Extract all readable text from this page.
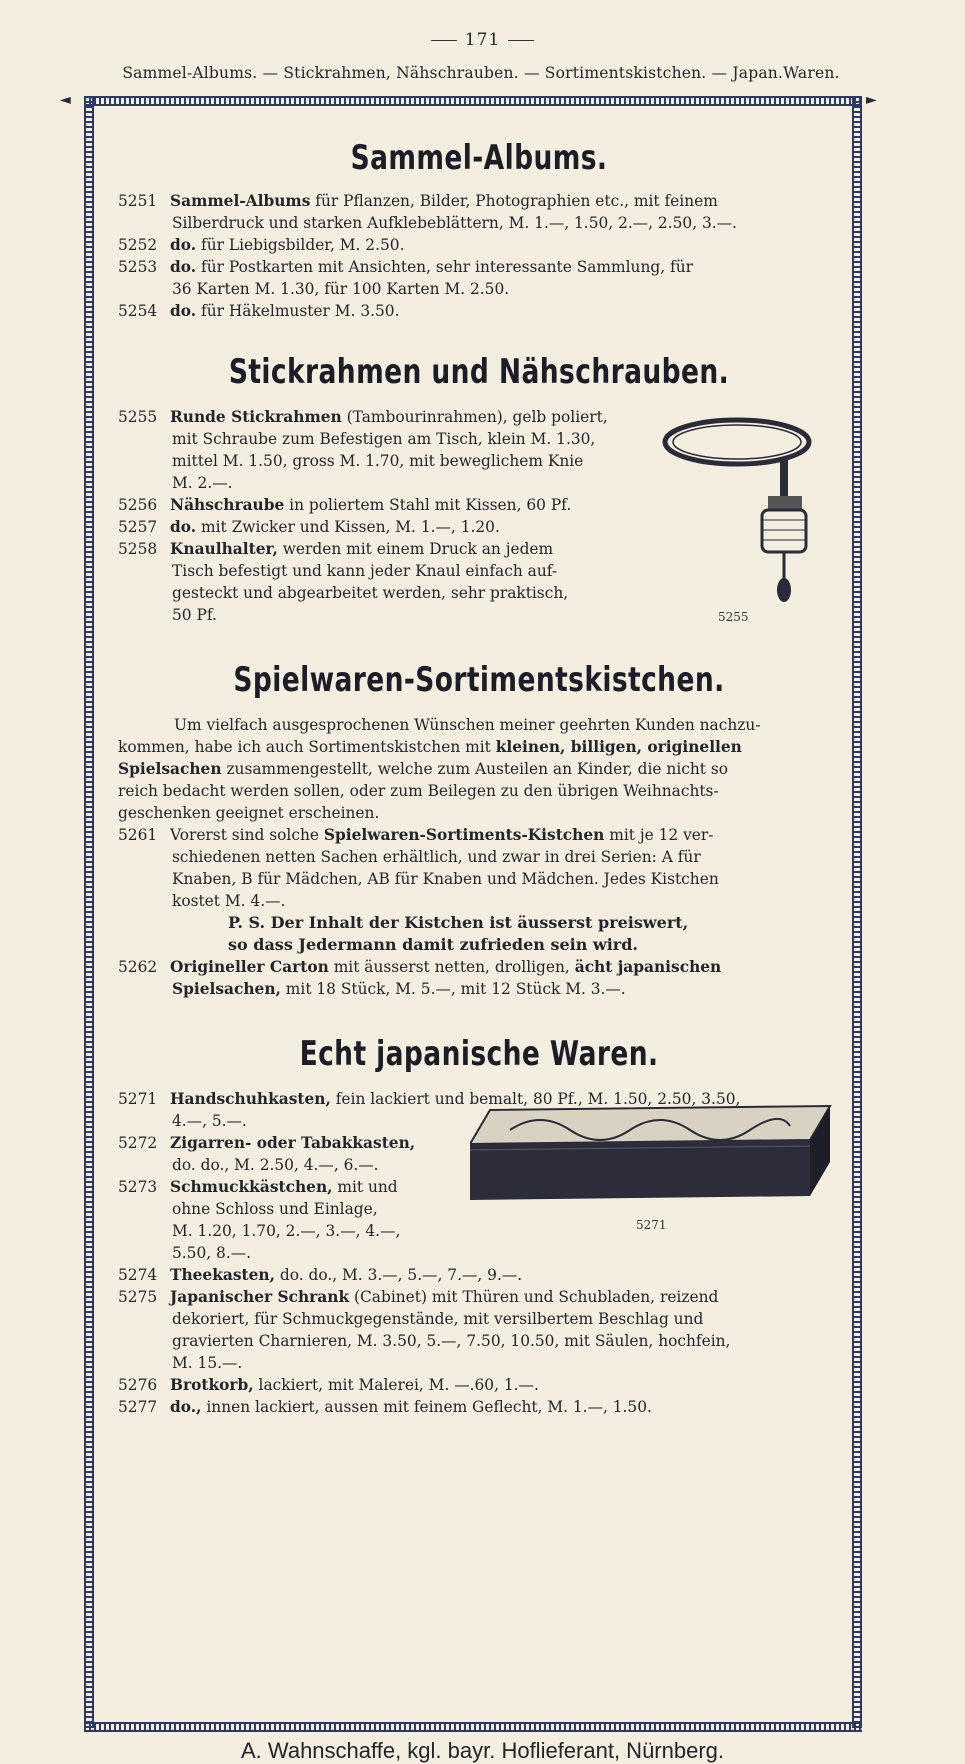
171
Sammel-Albums. — Stickrahmen, Nähschrauben. — Sortimentskistchen. — Japan.Waren.
◄	►
Sammel-Albums.
5251 Sammel-Albums für Pflanzen, Bilder, Photographien etc., mit feinem
Silberdruck und starken Aufklebeblättern, M. 1.—, 1.50, 2.—, 2.50, 3.—.
5252 do. für Liebigsbilder, M. 2.50.
5253 do. für Postkarten mit Ansichten, sehr interessante Sammlung, für
36 Karten M. 1.30, für 100 Karten M. 2.50.
5254 do. für Häkelmuster M. 3.50.
Stickrahmen und Nähschrauben.
5255 Runde Stickrahmen (Tambourinrahmen), gelb poliert,
mit Schraube zum Befestigen am Tisch, klein M. 1.30,
mittel M. 1.50, gross M. 1.70, mit beweglichem Knie
M. 2.—.
5256 Nähschraube in poliertem Stahl mit Kissen, 60 Pf.
5257 do. mit Zwicker und Kissen, M. 1.—, 1.20.
5258 Knaulhalter, werden mit einem Druck an jedem
Tisch befestigt und kann jeder Knaul einfach auf-
gesteckt und abgearbeitet werden, sehr praktisch,
50 Pf.
Spielwaren-Sortimentskistchen.
Um vielfach ausgesprochenen Wünschen meiner geehrten Kunden nachzu-
kommen, habe ich auch Sortimentskistchen mit kleinen, billigen, originellen
Spielsachen zusammengestellt, welche zum Austeilen an Kinder, die nicht so
reich bedacht werden sollen, oder zum Beilegen zu den übrigen Weihnachts-
geschenken geeignet erscheinen.
5261 Vorerst sind solche Spielwaren-Sortiments-Kistchen mit je 12 ver-
schiedenen netten Sachen erhältlich, und zwar in drei Serien: A für
Knaben, B für Mädchen, AB für Knaben und Mädchen. Jedes Kistchen
kostet M. 4.—.
P. S. Der Inhalt der Kistchen ist äusserst preiswert,
so dass Jedermann damit zufrieden sein wird.
5262 Origineller Carton mit äusserst netten, drolligen, ächt japanischen
Spielsachen, mit 18 Stück, M. 5.—, mit 12 Stück M. 3.—.
Echt japanische Waren.
5271 Handschuhkasten, fein lackiert und bemalt, 80 Pf., M. 1.50, 2.50, 3.50,
4.—, 5.—.
5272 Zigarren- oder Tabakkasten,
do. do., M. 2.50, 4.—, 6.—.
5273 Schmuckkästchen, mit und
ohne Schloss und Einlage,
M. 1.20, 1.70, 2.—, 3.—, 4.—,
5.50, 8.—.
5274 Theekasten, do. do., M. 3.—, 5.—, 7.—, 9.—.
5275 Japanischer Schrank (Cabinet) mit Thüren und Schubladen, reizend
dekoriert, für Schmuckgegenstände, mit versilbertem Beschlag und
gravierten Charnieren, M. 3.50, 5.—, 7.50, 10.50, mit Säulen, hochfein,
M. 15.—.
5276 Brotkorb, lackiert, mit Malerei, M. —.60, 1.—.
5277 do., innen lackiert, aussen mit feinem Geflecht, M. 1.—, 1.50.
5255
5271
A. Wahnschaffe, kgl. bayr. Hoflieferant, Nürnberg.
